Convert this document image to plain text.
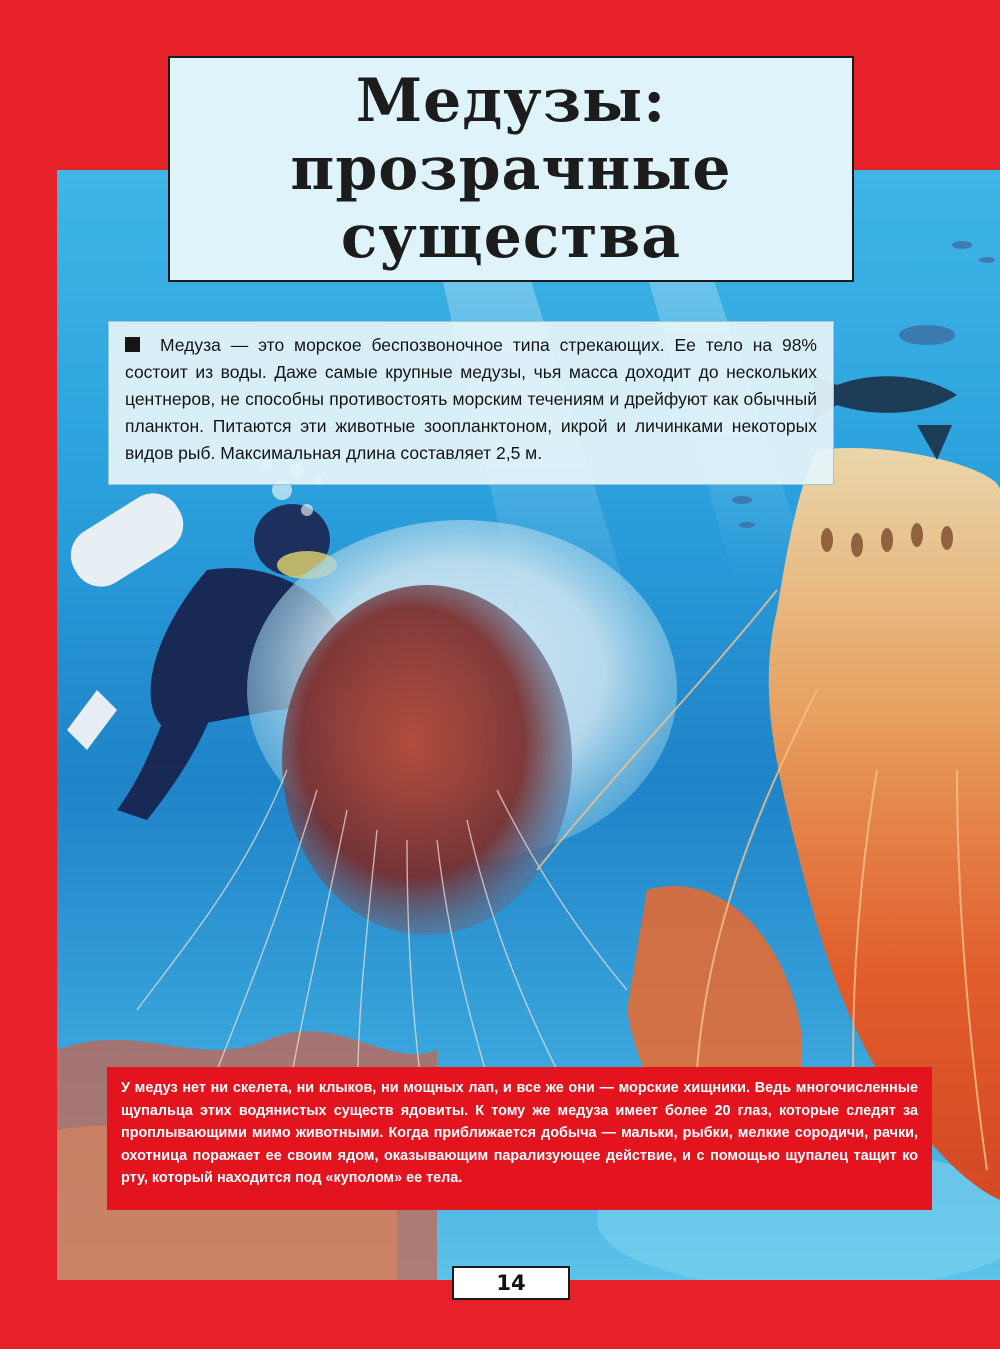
Медузы:
прозрачные
существа
Медуза — это морское беспозвоночное типа стрекающих. Ее тело на 98% состоит из воды. Даже самые крупные медузы, чья масса доходит до нескольких центнеров, не способны противостоять морским течениям и дрейфуют как обычный планктон. Питаются эти животные зоопланктоном, икрой и личинками некоторых видов рыб. Максимальная длина составляет 2,5 м.
У медуз нет ни скелета, ни клыков, ни мощных лап, и все же они — морские хищники. Ведь многочисленные щупальца этих водянистых существ ядовиты. К тому же медуза имеет более 20 глаз, которые следят за проплывающими мимо животными. Когда приближается добыча — мальки, рыбки, мелкие сородичи, рачки, охотница поражает ее своим ядом, оказывающим парализующее действие, и с помощью щупалец тащит ко рту, который находится под «куполом» ее тела.
14
